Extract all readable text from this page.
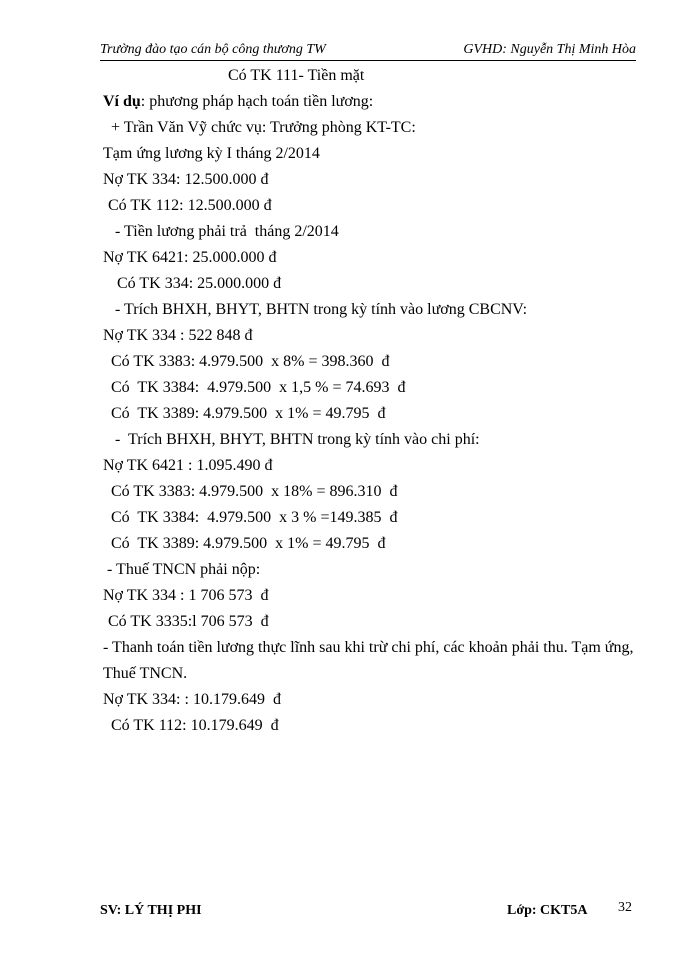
Trường đào tạo cán bộ công thương TW	GVHD: Nguyễn Thị Minh Hòa
Có TK 111- Tiền mặt
Ví dụ: phương pháp hạch toán tiền lương:
+ Trần Văn Vỹ chức vụ: Trưởng phòng KT-TC:
Tạm ứng lương kỳ I tháng 2/2014
Nợ TK 334: 12.500.000 đ
Có TK 112: 12.500.000 đ
- Tiền lương phải trả  tháng 2/2014
Nợ TK 6421: 25.000.000 đ
Có TK 334: 25.000.000 đ
- Trích BHXH, BHYT, BHTN trong kỳ tính vào lương CBCNV:
Nợ TK 334 : 522 848 đ
Có TK 3383: 4.979.500  x 8% = 398.360  đ
Có  TK 3384:  4.979.500  x 1,5 % = 74.693  đ
Có  TK 3389: 4.979.500  x 1% = 49.795  đ
-  Trích BHXH, BHYT, BHTN trong kỳ tính vào chi phí:
Nợ TK 6421 : 1.095.490 đ
Có TK 3383: 4.979.500  x 18% = 896.310  đ
Có  TK 3384:  4.979.500  x 3 % =149.385  đ
Có  TK 3389: 4.979.500  x 1% = 49.795  đ
- Thuế TNCN phải nộp:
Nợ TK 334 : 1 706 573  đ
Có TK 3335:l 706 573  đ
- Thanh toán tiền lương thực lĩnh sau khi trừ chi phí, các khoản phải thu. Tạm ứng, Thuế TNCN.
Nợ TK 334: : 10.179.649  đ
Có TK 112: 10.179.649  đ
SV: LÝ THỊ PHI	Lớp: CKT5A 32
